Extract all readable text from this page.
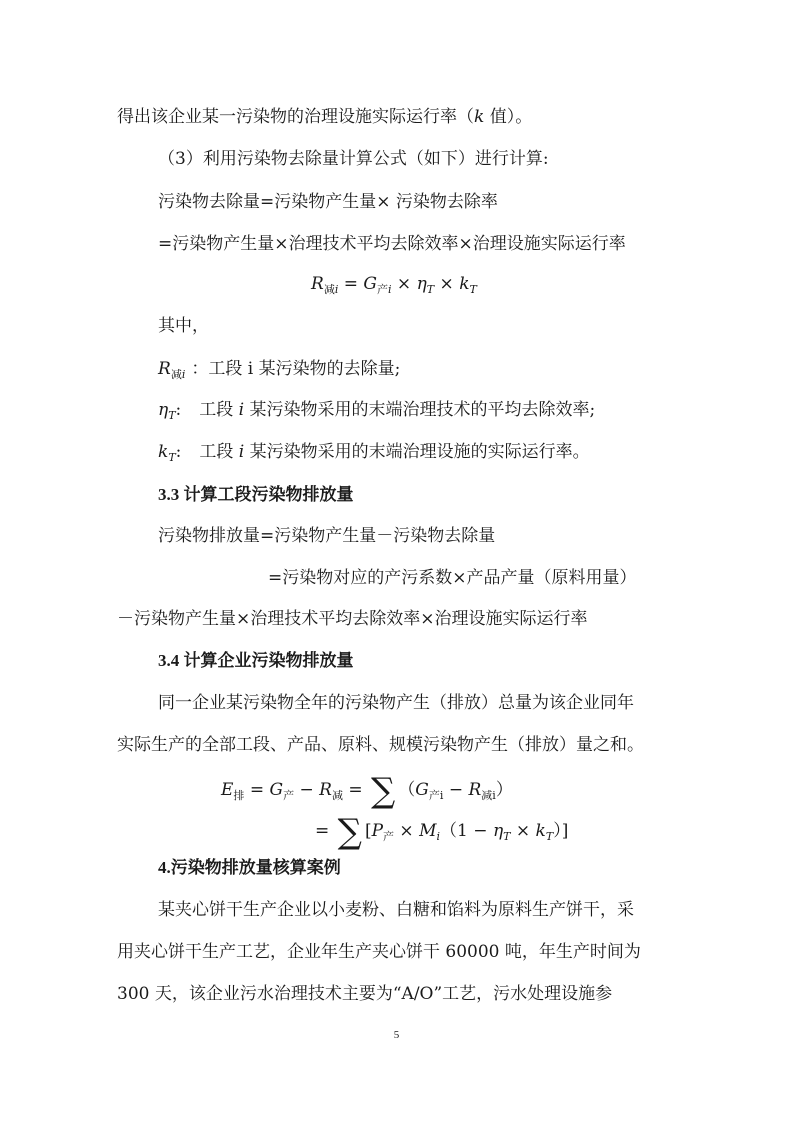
得出该企业某一污染物的治理设施实际运行率（k 值）。
（3）利用污染物去除量计算公式（如下）进行计算:
污染物去除量=污染物产生量× 污染物去除率
=污染物产生量×治理技术平均去除效率×治理设施实际运行率
$R_{减i} = G_{产i} \times \eta_T \times k_T$
其中，
$R_{减i}$ ：工段 i 某污染物的去除量;
$\eta_T$: 工段 i 某污染物采用的末端治理技术的平均去除效率;
$k_T$: 工段 i 某污染物采用的末端治理设施的实际运行率。
3.3 计算工段污染物排放量
污染物排放量=污染物产生量－污染物去除量
=污染物对应的产污系数×产品产量（原料用量）
－污染物产生量×治理技术平均去除效率×治理设施实际运行率
3.4 计算企业污染物排放量
同一企业某污染物全年的污染物产生（排放）总量为该企业同年
实际生产的全部工段、产品、原料、规模污染物产生（排放）量之和。
$E_排 = G_产 - R_减$ = ∑ $(G_{产i} - R_{减i})$
= ∑ $[P_产 \times M_i(1 - \eta_T \times k_T)]$
4.污染物排放量核算案例
某夹心饼干生产企业以小麦粉、白糖和馅料为原料生产饼干，采
用夹心饼干生产工艺，企业年生产夹心饼干 60000 吨，年生产时间为
300 天，该企业污水治理技术主要为“A/O”工艺，污水处理设施参
5
